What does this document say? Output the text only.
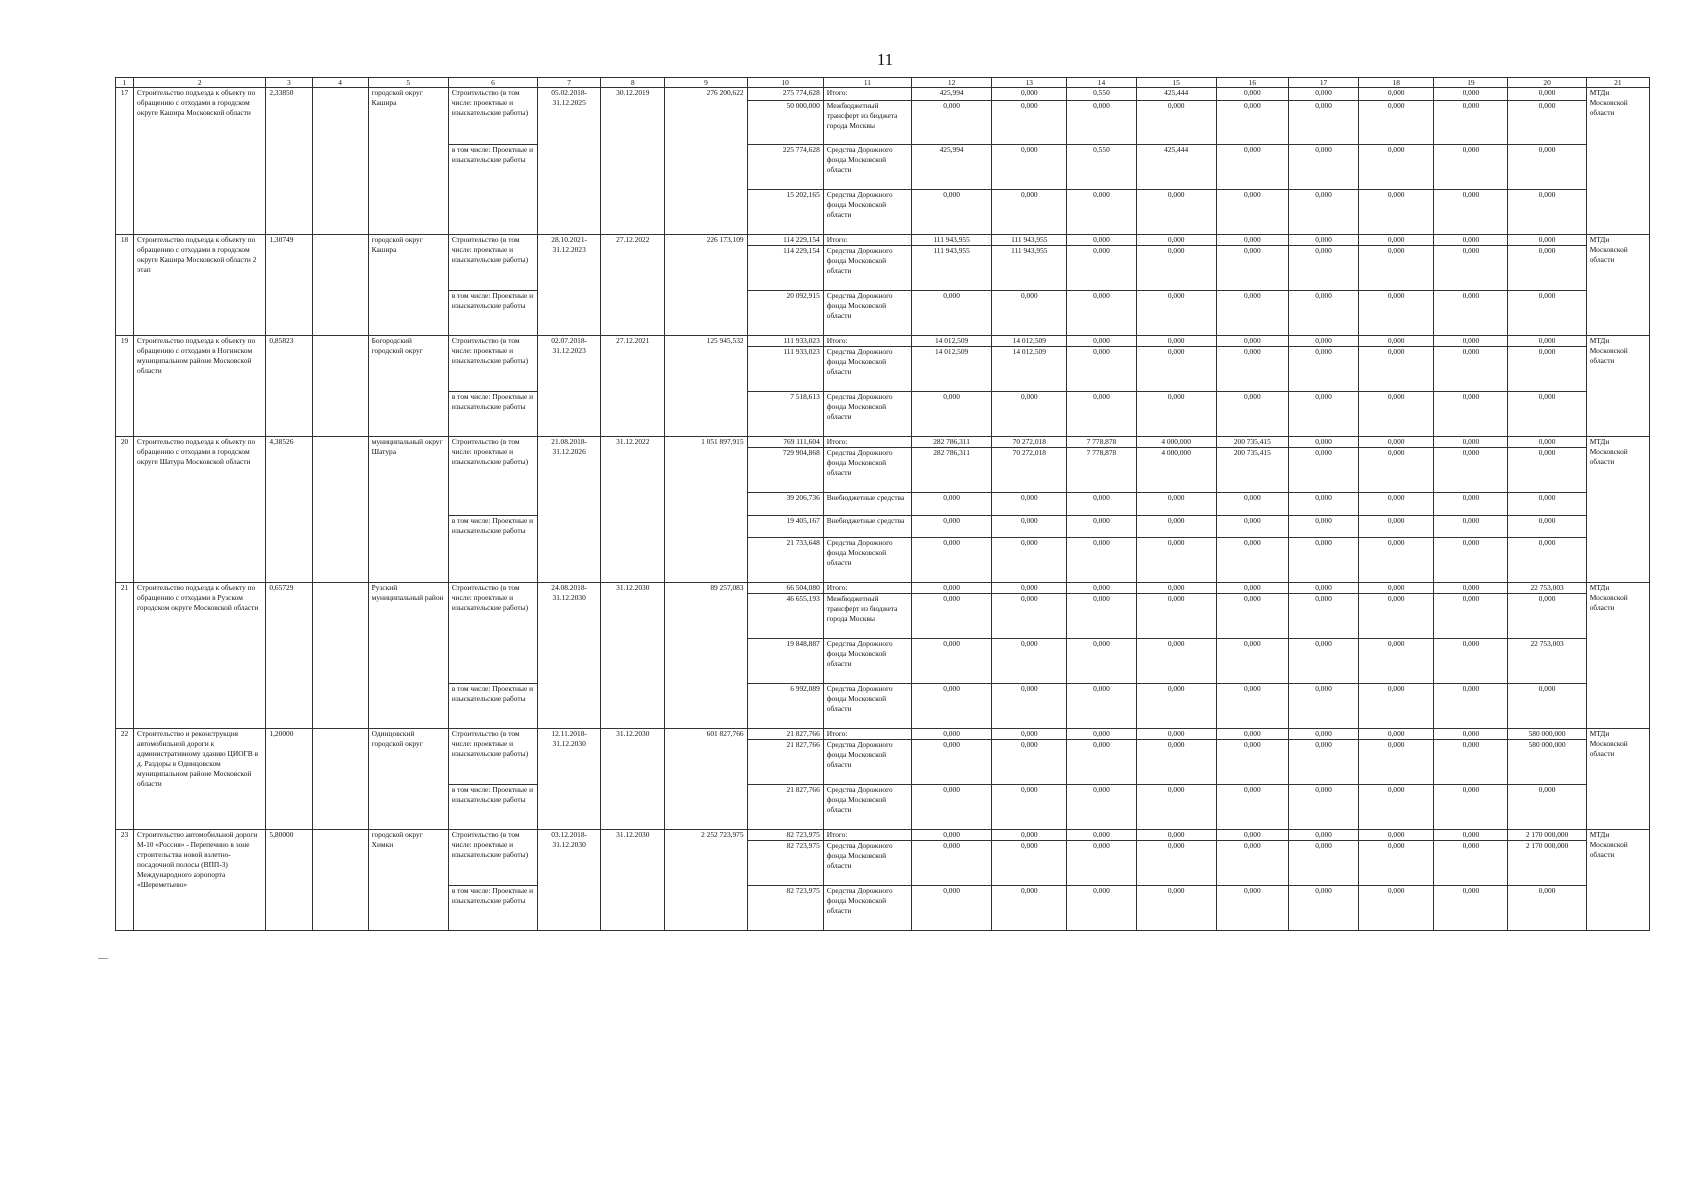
11
1	2	3	4	5	6	7	8	9	10	11	12	13	14	15	16	17	18	19	20	21
17	Строительство подъезда к объекту по обращению с отходами в городском округе Кашира Московской области	2,33850		городской округ Кашира	Строительство (в том числе: проектные и изыскательские работы)	05.02.2018- 31.12.2025	30.12.2019	276 200,622	275 774,628	Итого:	425,994	0,000	0,550	425,444	0,000	0,000	0,000	0,000	0,000	МТДи Московской области
									50 000,000	Межбюджетный трансферт из бюджета города Москвы	0,000	0,000	0,000	0,000	0,000	0,000	0,000	0,000	0,000	
					в том числе: Проектные и изыскательские работы				225 774,628	Средства Дорожного фонда Московской области	425,994	0,000	0,550	425,444	0,000	0,000	0,000	0,000	0,000	
									15 202,165	Средства Дорожного фонда Московской области	0,000	0,000	0,000	0,000	0,000	0,000	0,000	0,000	0,000	
18	Строительство подъезда к объекту по обращению с отходами в городском округе Кашира Московской области 2 этап	1,30749		городской округ Кашира	Строительство (в том числе: проектные и изыскательские работы)	28.10.2021- 31.12.2023	27.12.2022	226 173,109	114 229,154	Итого:	111 943,955	111 943,955	0,000	0,000	0,000	0,000	0,000	0,000	0,000	МТДи Московской области
									114 229,154	Средства Дорожного фонда Московской области	111 943,955	111 943,955	0,000	0,000	0,000	0,000	0,000	0,000	0,000	
					в том числе: Проектные и изыскательские работы				20 092,915	Средства Дорожного фонда Московской области	0,000	0,000	0,000	0,000	0,000	0,000	0,000	0,000	0,000	
19	Строительство подъезда к объекту по обращению с отходами в Ногинском муниципальном районе Московской области	0,85823		Богородский городской округ	Строительство (в том числе: проектные и изыскательские работы)	02.07.2018- 31.12.2023	27.12.2021	125 945,532	111 933,023	Итого:	14 012,509	14 012,509	0,000	0,000	0,000	0,000	0,000	0,000	0,000	МТДи Московской области
									111 933,023	Средства Дорожного фонда Московской области	14 012,509	14 012,509	0,000	0,000	0,000	0,000	0,000	0,000	0,000	
					в том числе: Проектные и изыскательские работы				7 518,613	Средства Дорожного фонда Московской области	0,000	0,000	0,000	0,000	0,000	0,000	0,000	0,000	0,000	
20	Строительство подъезда к объекту по обращению с отходами в городском округе Шатура Московской области	4,38526		муниципальный округ Шатура	Строительство (в том числе: проектные и изыскательские работы)	21.08.2018- 31.12.2026	31.12.2022	1 051 897,915	769 111,604	Итого:	282 786,311	70 272,018	7 778,878	4 000,000	200 735,415	0,000	0,000	0,000	0,000	МТДи Московской области
									729 904,868	Средства Дорожного фонда Московской области	282 786,311	70 272,018	7 778,878	4 000,000	200 735,415	0,000	0,000	0,000	0,000	
									39 206,736	Внебюджетные средства	0,000	0,000	0,000	0,000	0,000	0,000	0,000	0,000	0,000	
					в том числе: Проектные и изыскательские работы				19 405,167	Внебюджетные средства	0,000	0,000	0,000	0,000	0,000	0,000	0,000	0,000	0,000	
									21 733,648	Средства Дорожного фонда Московской области	0,000	0,000	0,000	0,000	0,000	0,000	0,000	0,000	0,000	
21	Строительство подъезда к объекту по обращению с отходами в Рузском городском округе Московской области	0,65729		Рузский муниципальный район	Строительство (в том числе: проектные и изыскательские работы)	24.08.2018- 31.12.2030	31.12.2030	89 257,083	66 504,080	Итого:	0,000	0,000	0,000	0,000	0,000	0,000	0,000	0,000	22 753,003	МТДи Московской области
									46 655,193	Межбюджетный трансферт из бюджета города Москвы	0,000	0,000	0,000	0,000	0,000	0,000	0,000	0,000	0,000	
									19 848,887	Средства Дорожного фонда Московской области	0,000	0,000	0,000	0,000	0,000	0,000	0,000	0,000	22 753,003	
					в том числе: Проектные и изыскательские работы				6 992,089	Средства Дорожного фонда Московской области	0,000	0,000	0,000	0,000	0,000	0,000	0,000	0,000	0,000	
22	Строительство и реконструкция автомобильной дороги к административному зданию ЦИОГВ в д. Раздоры в Одинцовском муниципальном районе Московской области	1,20000		Одинцовский городской округ	Строительство (в том числе: проектные и изыскательские работы)	12.11.2018- 31.12.2030	31.12.2030	601 827,766	21 827,766	Итого:	0,000	0,000	0,000	0,000	0,000	0,000	0,000	0,000	580 000,000	МТДи Московской области
									21 827,766	Средства Дорожного фонда Московской области	0,000	0,000	0,000	0,000	0,000	0,000	0,000	0,000	580 000,000	
					в том числе: Проектные и изыскательские работы				21 827,766	Средства Дорожного фонда Московской области	0,000	0,000	0,000	0,000	0,000	0,000	0,000	0,000	0,000	
23	Строительство автомобильной дороги М-10 «Россия» - Перепечино в зоне строительства новой взлетно-посадочной полосы (ВПП-3) Международного аэропорта «Шереметьево»	5,80000		городской округ Химки	Строительство (в том числе: проектные и изыскательские работы)	03.12.2018- 31.12.2030	31.12.2030	2 252 723,975	82 723,975	Итого:	0,000	0,000	0,000	0,000	0,000	0,000	0,000	0,000	2 170 000,000	МТДи Московской области
									82 723,975	Средства Дорожного фонда Московской области	0,000	0,000	0,000	0,000	0,000	0,000	0,000	0,000	2 170 000,000	
					в том числе: Проектные и изыскательские работы				82 723,975	Средства Дорожного фонда Московской области	0,000	0,000	0,000	0,000	0,000	0,000	0,000	0,000	0,000	
